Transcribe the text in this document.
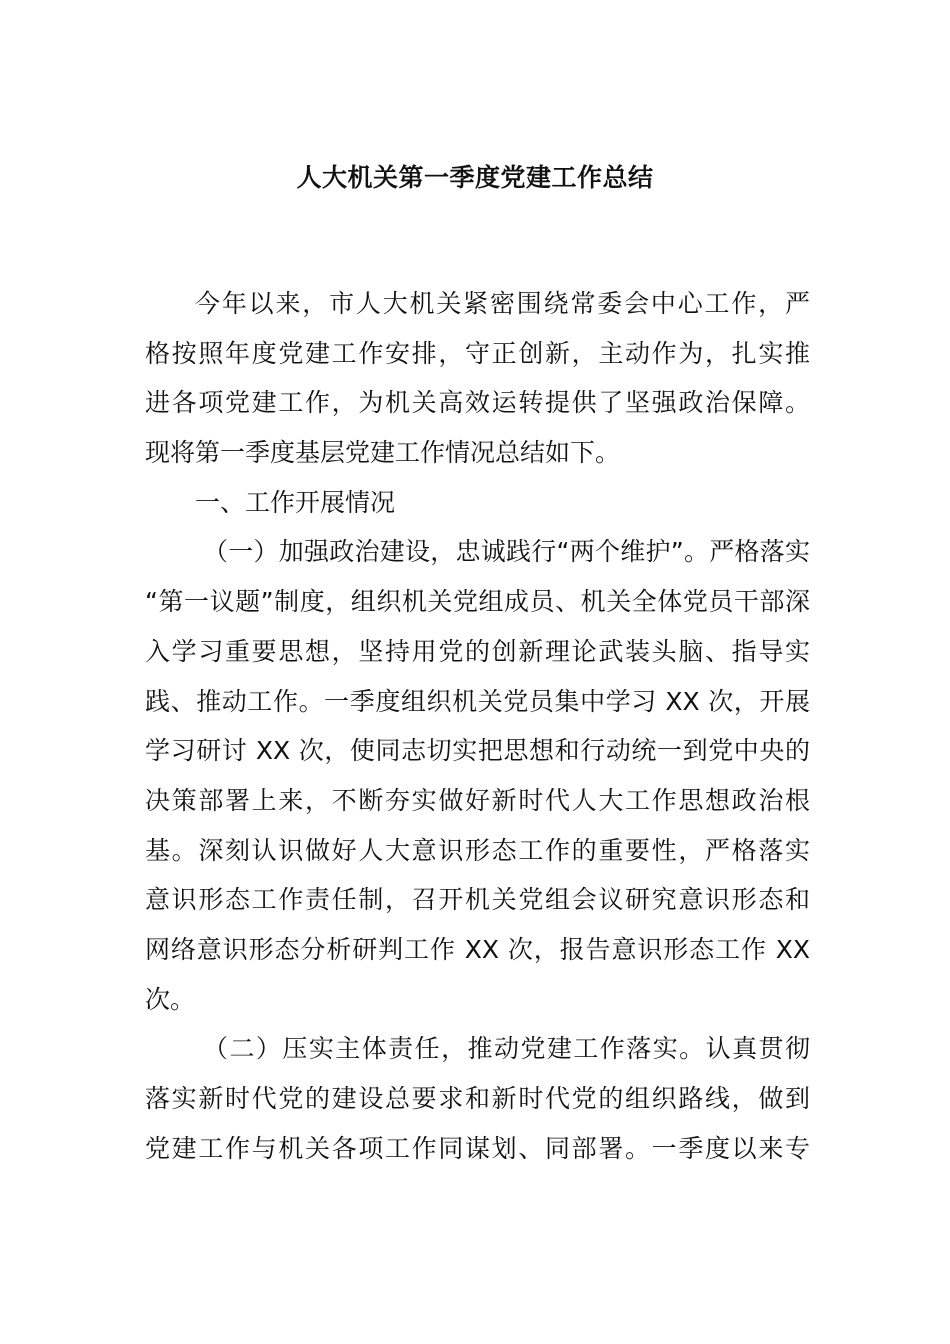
人大机关第一季度党建工作总结
今年以来，市人大机关紧密围绕常委会中心工作，严
格按照年度党建工作安排，守正创新，主动作为，扎实推
进各项党建工作，为机关高效运转提供了坚强政治保障。
现将第一季度基层党建工作情况总结如下。
一、工作开展情况
（一）加强政治建设，忠诚践行“两个维护”。严格落实
“第一议题”制度，组织机关党组成员、机关全体党员干部深
入学习重要思想，坚持用党的创新理论武装头脑、指导实
践、推动工作。一季度组织机关党员集中学习 XX 次，开展
学习研讨 XX 次，使同志切实把思想和行动统一到党中央的
决策部署上来，不断夯实做好新时代人大工作思想政治根
基。深刻认识做好人大意识形态工作的重要性，严格落实
意识形态工作责任制，召开机关党组会议研究意识形态和
网络意识形态分析研判工作 XX 次，报告意识形态工作 XX
次。
（二）压实主体责任，推动党建工作落实。认真贯彻
落实新时代党的建设总要求和新时代党的组织路线，做到
党建工作与机关各项工作同谋划、同部署。一季度以来专
